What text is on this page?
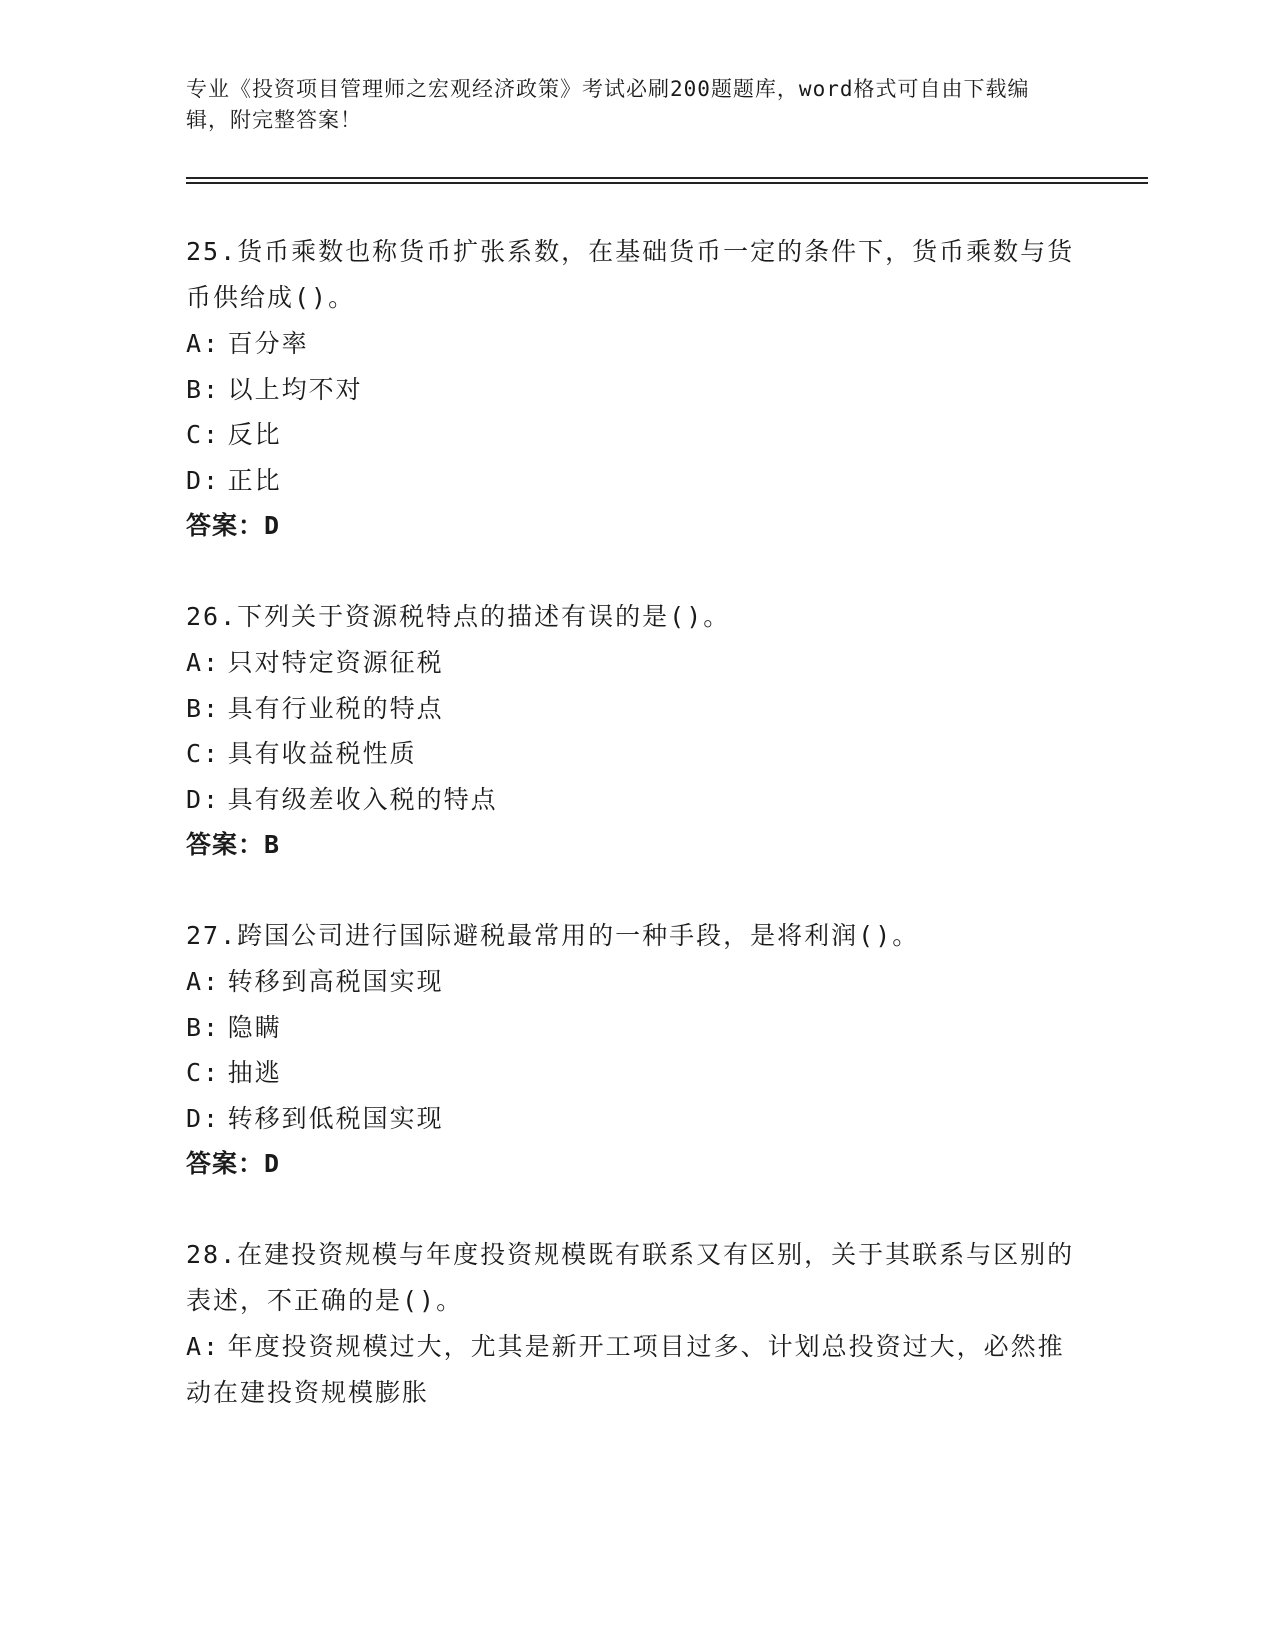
专业《投资项目管理师之宏观经济政策》考试必刷200题题库，word格式可自由下载编辑，附完整答案！
25.货币乘数也称货币扩张系数，在基础货币一定的条件下，货币乘数与货币供给成()。
A: 百分率
B: 以上均不对
C: 反比
D: 正比
答案：D
26.下列关于资源税特点的描述有误的是()。
A: 只对特定资源征税
B: 具有行业税的特点
C: 具有收益税性质
D: 具有级差收入税的特点
答案：B
27.跨国公司进行国际避税最常用的一种手段，是将利润()。
A: 转移到高税国实现
B: 隐瞒
C: 抽逃
D: 转移到低税国实现
答案：D
28.在建投资规模与年度投资规模既有联系又有区别，关于其联系与区别的表述，不正确的是()。
A: 年度投资规模过大，尤其是新开工项目过多、计划总投资过大，必然推动在建投资规模膨胀
